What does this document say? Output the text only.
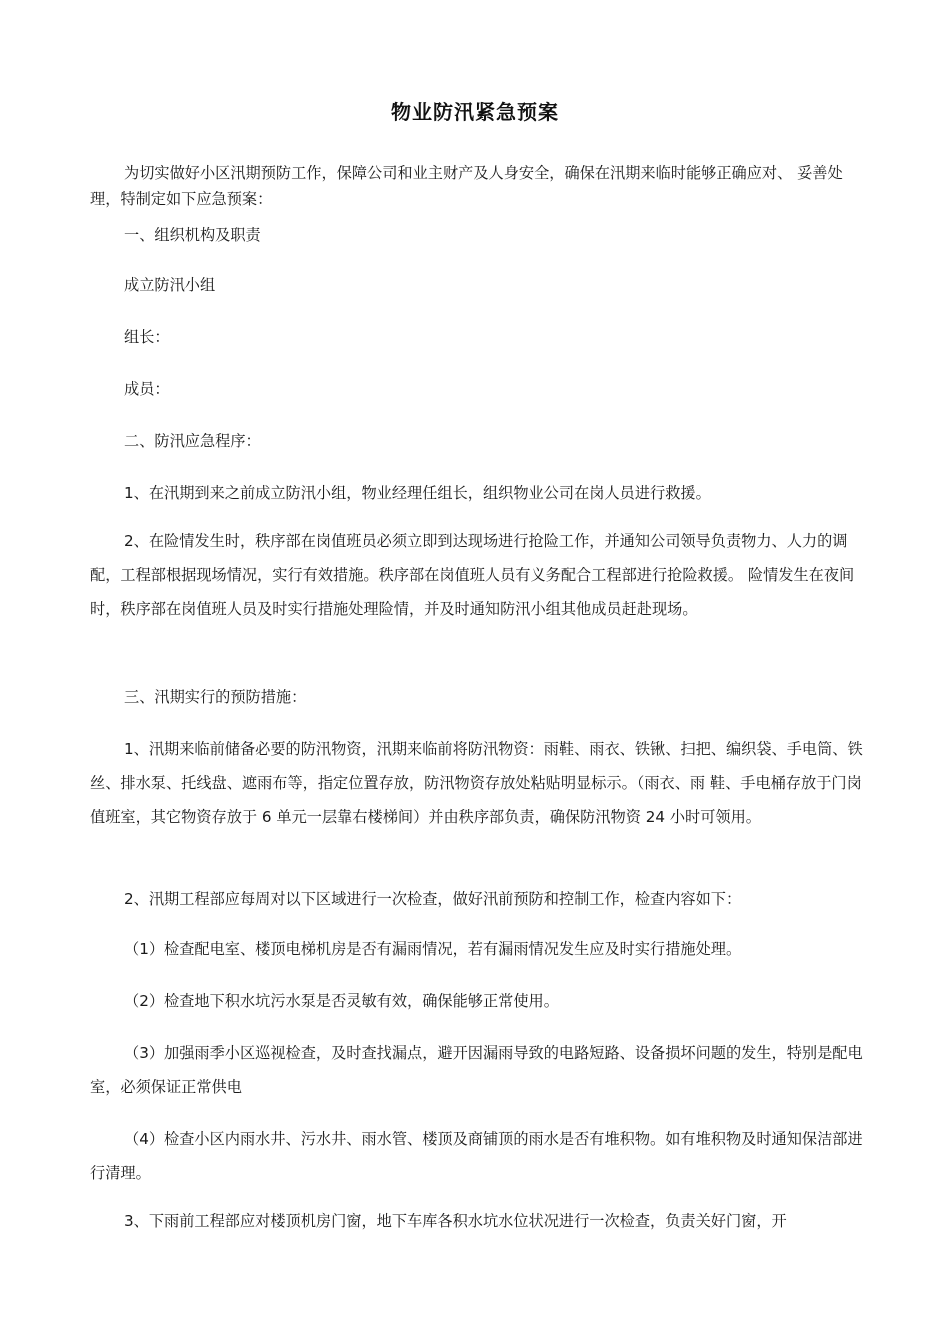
物业防汛紧急预案

为切实做好小区汛期预防工作，保障公司和业主财产及人身安全，确保在汛期来临时能够正确应对、 妥善处理，特制定如下应急预案：

一、组织机构及职责
成立防汛小组
组长：
成员：
二、防汛应急程序：

1、在汛期到来之前成立防汛小组，物业经理任组长，组织物业公司在岗人员进行救援。

2、在险情发生时，秩序部在岗值班员必须立即到达现场进行抢险工作，并通知公司领导负责物力、人力的调配，工程部根据现场情况，实行有效措施。秩序部在岗值班人员有义务配合工程部进行抢险救援。 险情发生在夜间时，秩序部在岗值班人员及时实行措施处理险情，并及时通知防汛小组其他成员赶赴现场。

三、汛期实行的预防措施：

1、汛期来临前储备必要的防汛物资，汛期来临前将防汛物资：雨鞋、雨衣、铁锹、扫把、编织袋、手电筒、铁丝、排水泵、托线盘、遮雨布等，指定位置存放，防汛物资存放处粘贴明显标示。（雨衣、雨 鞋、手电桶存放于门岗值班室，其它物资存放于 6 单元一层靠右楼梯间）并由秩序部负责，确保防汛物资 24 小时可领用。

2、汛期工程部应每周对以下区域进行一次检查，做好汛前预防和控制工作，检查内容如下：

（1）检查配电室、楼顶电梯机房是否有漏雨情况，若有漏雨情况发生应及时实行措施处理。

（2）检查地下积水坑污水泵是否灵敏有效，确保能够正常使用。

（3）加强雨季小区巡视检查，及时查找漏点，避开因漏雨导致的电路短路、设备损坏问题的发生，特别是配电室，必须保证正常供电

（4）检查小区内雨水井、污水井、雨水管、楼顶及商铺顶的雨水是否有堆积物。如有堆积物及时通知保洁部进行清理。

3、下雨前工程部应对楼顶机房门窗，地下车库各积水坑水位状况进行一次检查，负责关好门窗，开
